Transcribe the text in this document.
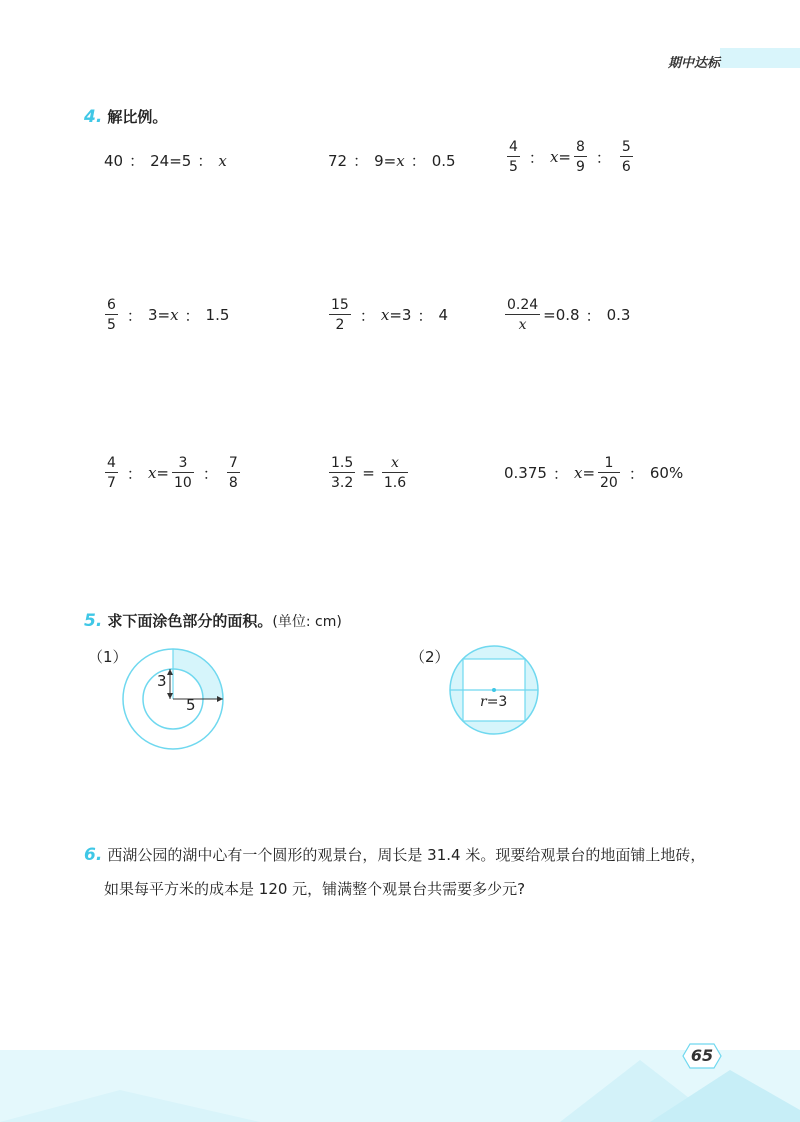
期中达标
4. 解比例。
40 ： 24=5 ： x	72 ： 9= x ： 0.5	$\frac{4}{5}$ ： $x = \frac{8}{9}$ ： $\frac{5}{6}$
$\frac{6}{5}$ ： 3= x ： 1.5	$\frac{15}{2}$ ： x =3 ： 4	$\frac{0.24}{x} =0.8$ ： 0.3
$\frac{4}{7}$ ： $x = \frac{3}{10}$ ： $\frac{7}{8}$	$\frac{1.5}{3.2} = \frac{x}{1.6}$	0.375 ： $x = \frac{1}{20}$ ： 60%
5. 求下面涂色部分的面积。(单位: cm)
（1）
3
5
（2）
r=3
6. 西湖公园的湖中心有一个圆形的观景台，周长是 31.4 米。现要给观景台的地面铺上地砖，
如果每平方米的成本是 120 元，铺满整个观景台共需要多少元?
65
